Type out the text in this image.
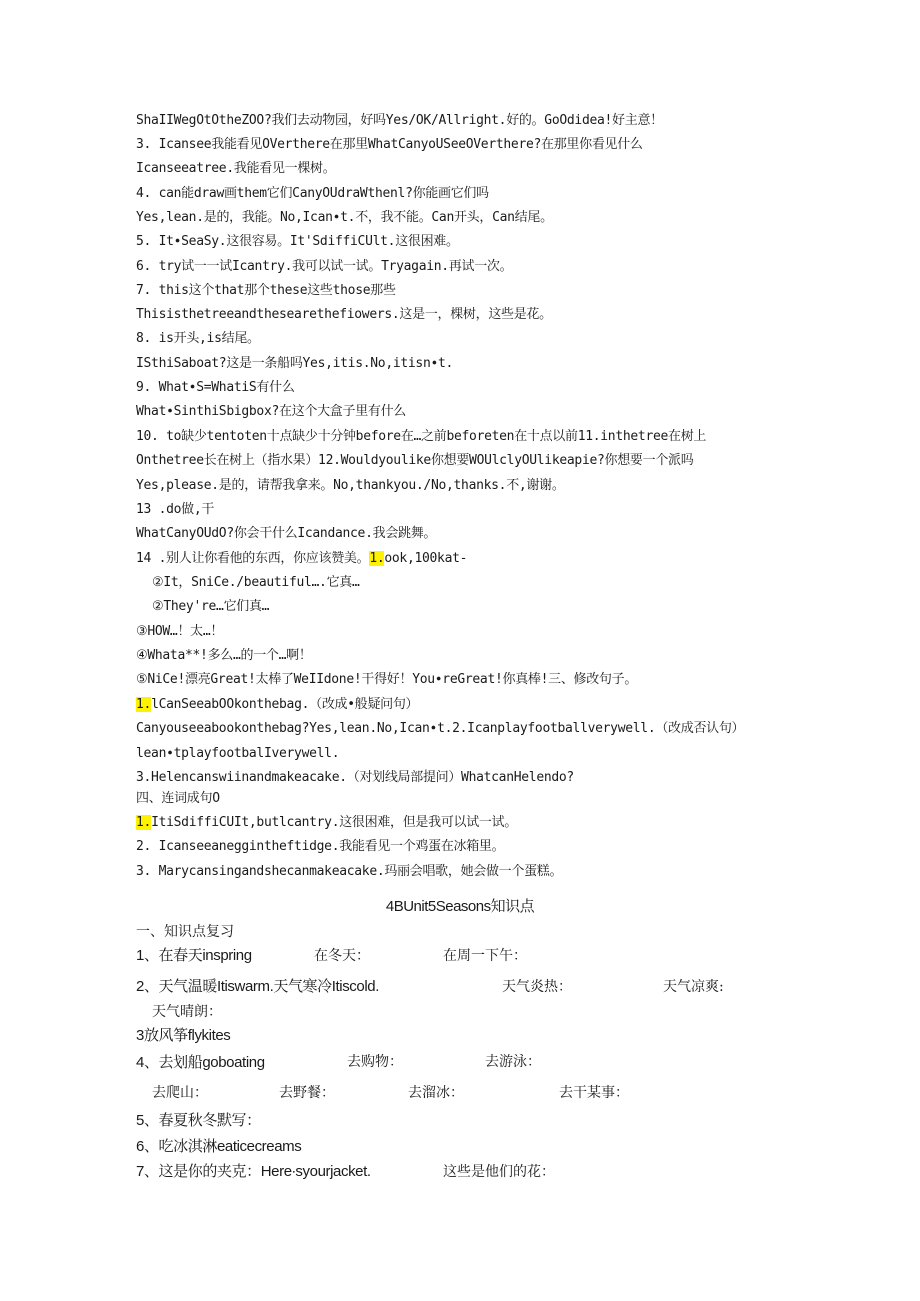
ShaIIWegOtOtheZOO?我们去动物园，好吗Yes/OK/Allright.好的。GoOdidea!好主意！
3. Icansee我能看见OVerthere在那里WhatCanyoUSeeOVerthere?在那里你看见什么
Icanseeatree.我能看见一棵树。
4. can能draw画them它们CanyOUdraWthenl?你能画它们吗
Yes,lean.是的，我能。No,Ican∙t.不，我不能。Can开头，Can结尾。
5. It∙SeaSy.这很容易。It'SdiffiCUlt.这很困难。
6. try试一一试Icantry.我可以试一试。Tryagain.再试一次。
7. this这个that那个these这些those那些
Thisisthetreeandthesearethefiowers.这是一，棵树，这些是花。
8. is开头,is结尾。
ISthiSaboat?这是一条船吗Yes,itis.No,itisn∙t.
9. What∙S=WhatiS有什么
What∙SinthiSbigbox?在这个大盒子里有什么
10. to缺少tentoten十点缺少十分钟before在…之前beforeten在十点以前11.inthetree在树上
Onthetree长在树上（指水果）12.Wouldyoulike你想要WOUlclyOUlikeapie?你想要一个派吗
Yes,please.是的，请帮我拿来。No,thankyou./No,thanks.不,谢谢。
13 .do做,干
WhatCanyOUdO?你会干什么Icandance.我会跳舞。
14 .别人让你看他的东西，你应该赞美。1.ook,100kat-
②It，SniCe./beautiful….它真…
②They're…它们真…
③HOW…！太…！
④Whata**!多么…的一个…啊！
⑤NiCe!漂亮Great!太棒了WeIIdone!干得好！You∙reGreat!你真棒!三、修改句子。
1.lCanSeeabOOkonthebag.（改成•般疑问句）
Canyouseeabookonthebag?Yes,lean.No,Ican∙t.2.Icanplayfootballverywell.（改成否认句）
lean∙tplayfootbalIverywell.
3.Helencanswiinandmakeacake.（对划线局部提问）WhatcanHelendo?
四、连词成句O
1.ItiSdiffiCUIt,butlcantry.这很困难，但是我可以试一试。
2. Icanseeaneggintheftidge.我能看见一个鸡蛋在冰箱里。
3. Marycansingandshecanmakeacake.玛丽会唱歌，她会做一个蛋糕。
4BUnit5Seasons知识点
一、知识点复习
1、在春天inspring	在冬天：	在周一下午：
2、天气温暖Itiswarm.天气寒冷Itiscold.	天气炎热：	天气凉爽:
天气晴朗：
3放风筝flykites
4、去划船goboating	去购物：	去游泳：
去爬山：	去野餐：	去溜冰：	去干某事：
5、春夏秋冬默写：
6、吃冰淇淋eaticecreams
7、这是你的夹克：Here∙syourjacket.	这些是他们的花：
